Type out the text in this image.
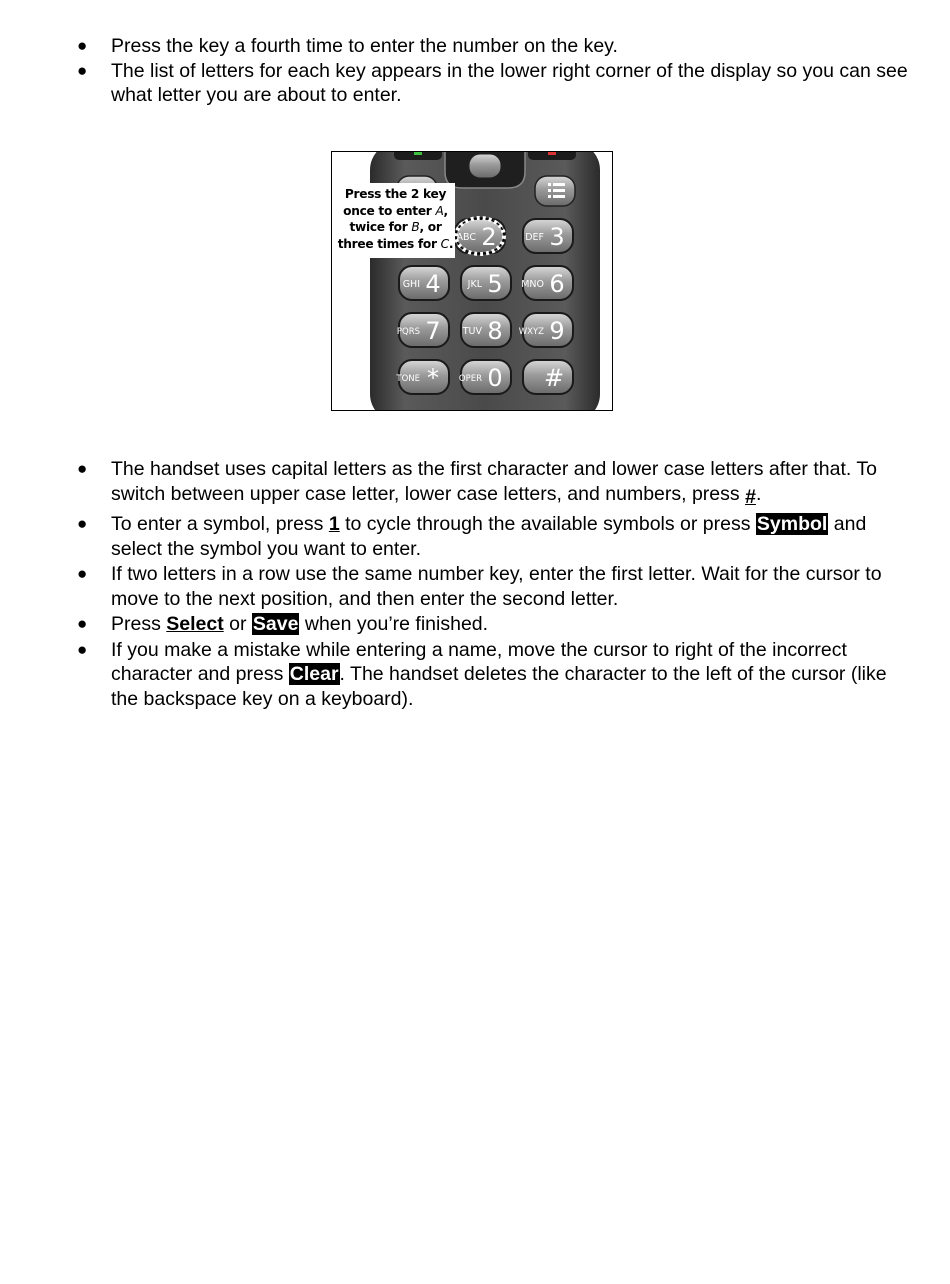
● Press the key a fourth time to enter the number on the key.
● The list of letters for each key appears in the lower right corner of the display so you can see what letter you are about to enter.
ABC 2	DEF 3
GHI 4	JKL 5 MNO 6
PQRS 7 TUV 8 WXYZ 9
TONE * OPER 0 #
Press the 2 key
once to enter A,
twice for B, or
three times for C.
● The handset uses capital letters as the first character and lower case letters after that. To switch between upper case letter, lower case letters, and numbers, press #.
● To enter a symbol, press 1 to cycle through the available symbols or press Symbol and select the symbol you want to enter.
● If two letters in a row use the same number key, enter the first letter. Wait for the cursor to move to the next position, and then enter the second letter.
● Press Select or Save when you’re finished.
● If you make a mistake while entering a name, move the cursor to right of the incorrect character and press Clear. The handset deletes the character to the left of the cursor (like the backspace key on a keyboard).
